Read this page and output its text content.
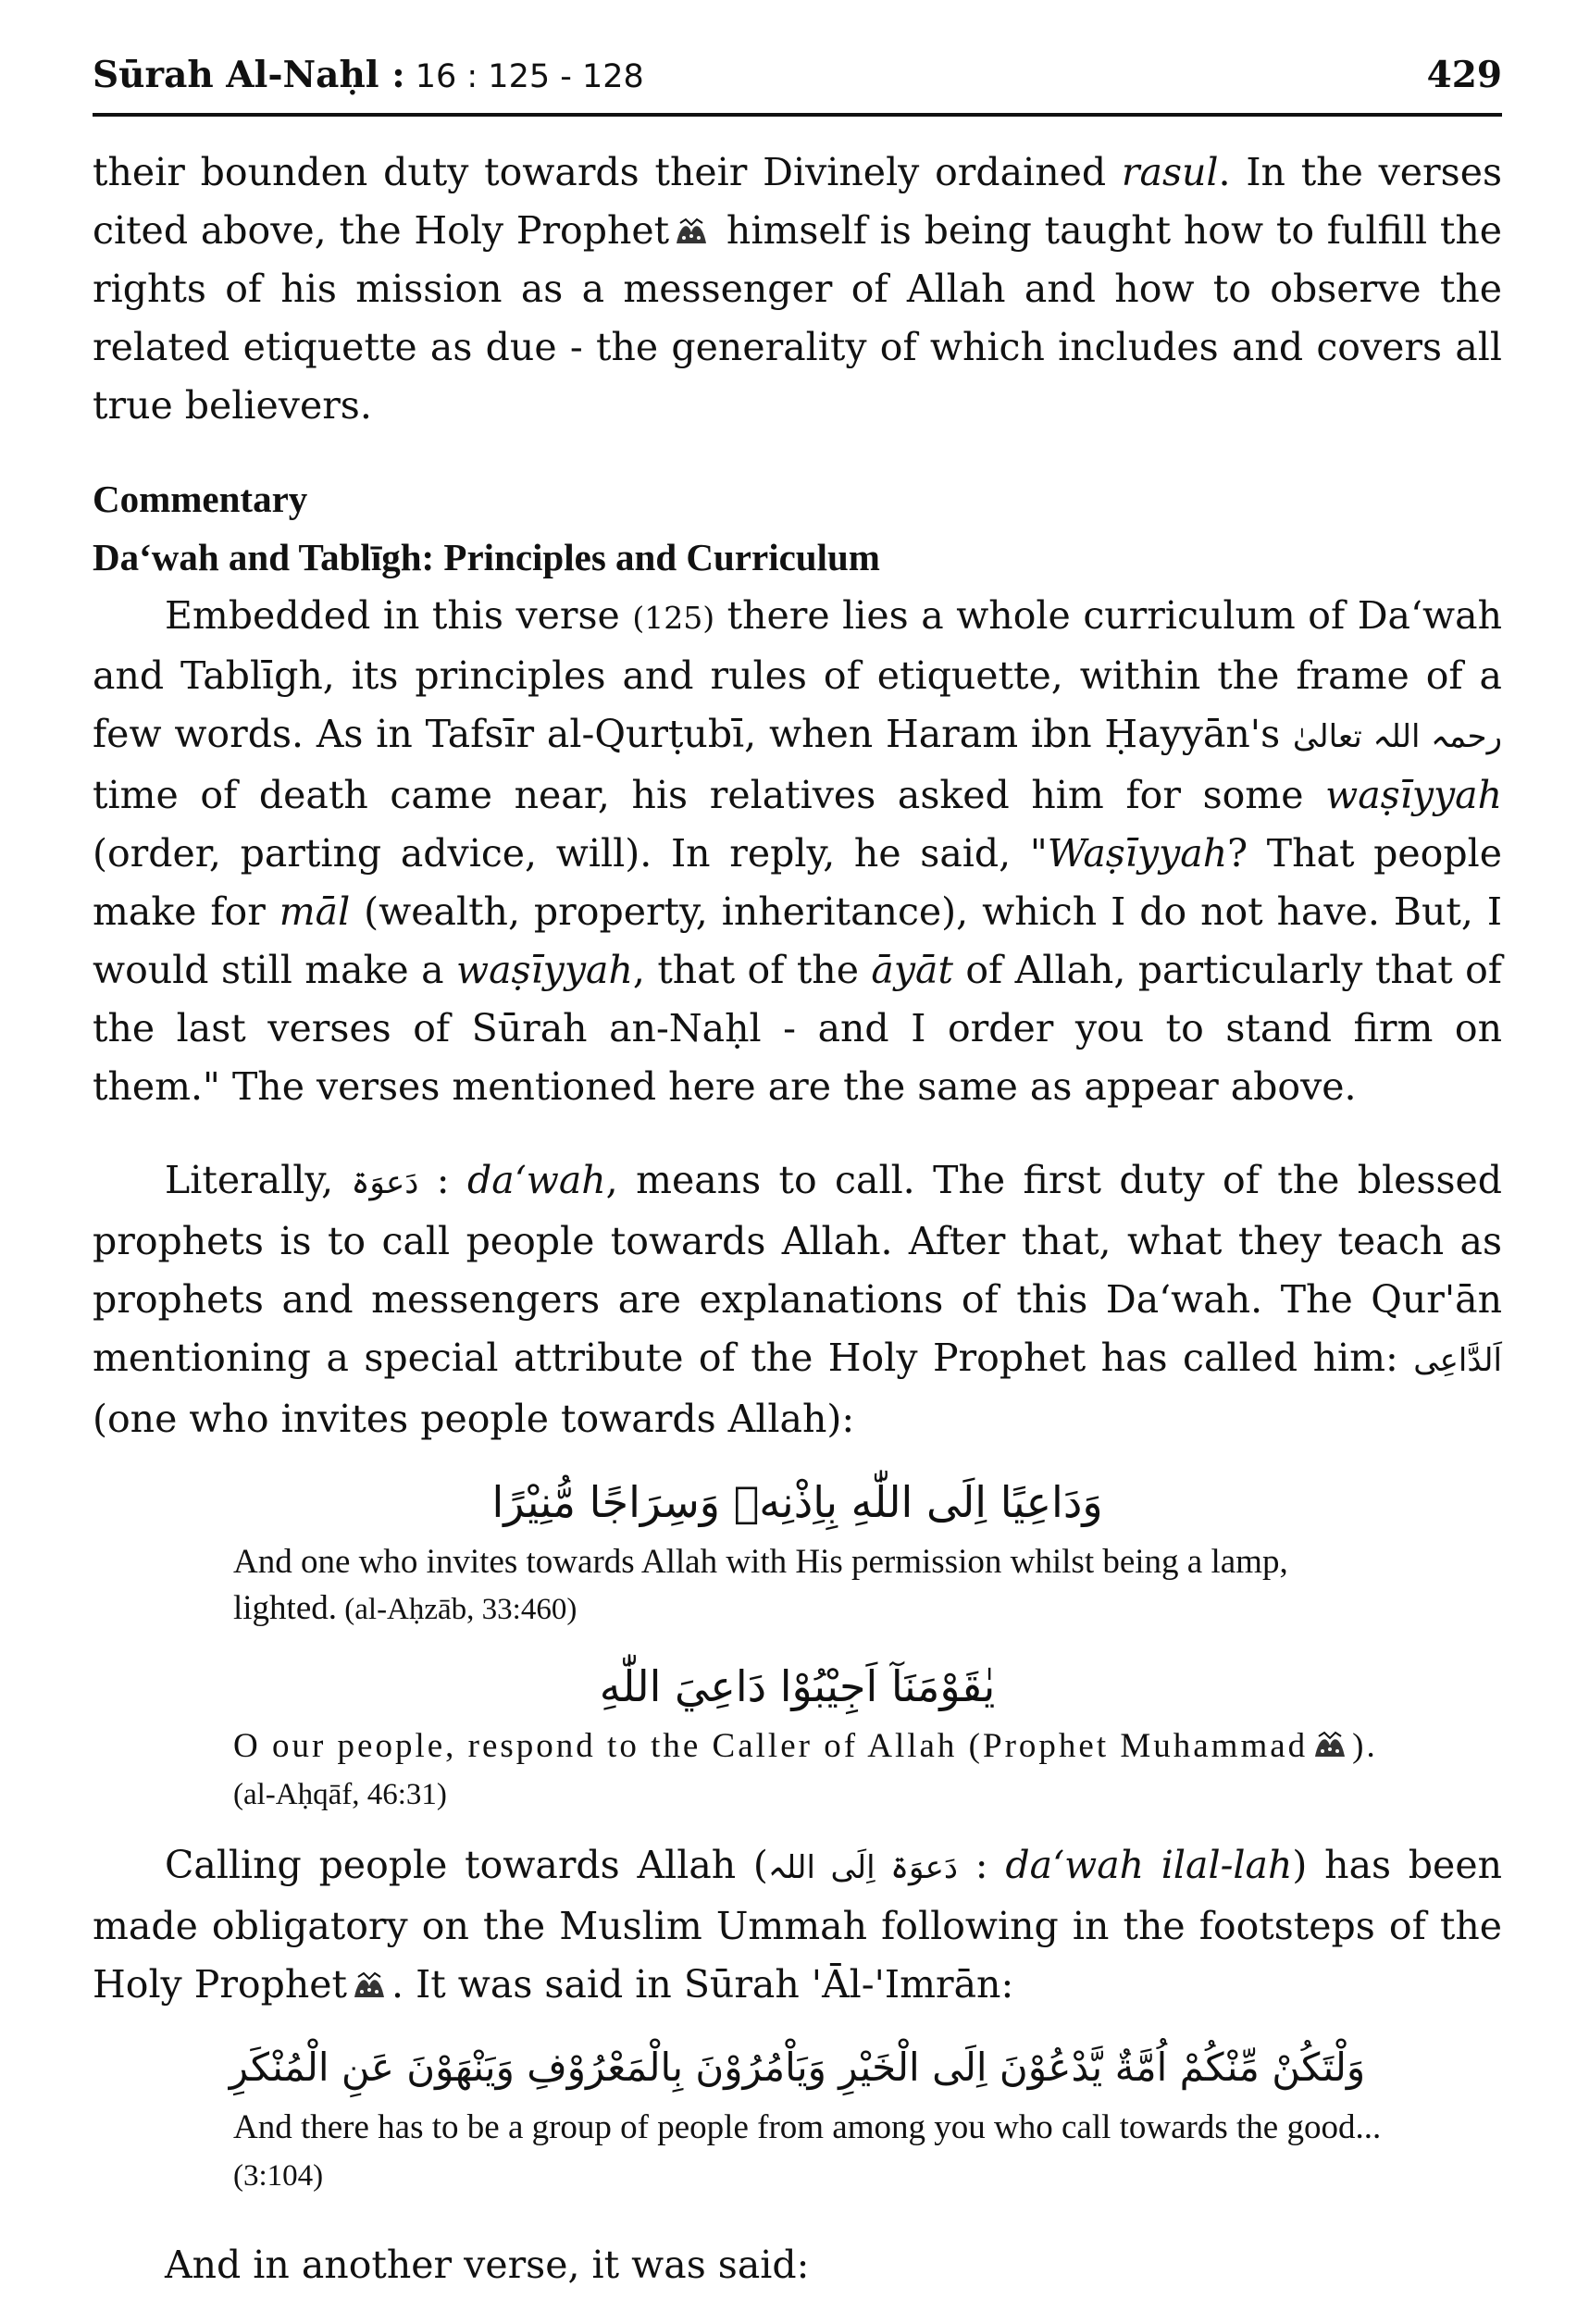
Sūrah Al-Naḥl : 16 : 125 - 128	429

their bounden duty towards their Divinely ordained rasul. In the verses cited above, the Holy Prophet himself is being taught how to fulfill the rights of his mission as a messenger of Allah and how to observe the related etiquette as due - the generality of which includes and covers all true believers.

Commentary
Da‘wah and Tablīgh: Principles and Curriculum

Embedded in this verse (125) there lies a whole curriculum of Da‘wah and Tablīgh, its principles and rules of etiquette, within the frame of a few words. As in Tafsīr al-Qurṭubī, when Haram ibn Ḥayyān's رحمہ اللہ تعالیٰ time of death came near, his relatives asked him for some waṣīyyah (order, parting advice, will). In reply, he said, "Waṣīyyah? That people make for māl (wealth, property, inheritance), which I do not have. But, I would still make a waṣīyyah, that of the āyāt of Allah, particularly that of the last verses of Sūrah an-Naḥl - and I order you to stand firm on them." The verses mentioned here are the same as appear above.

Literally, دَعوَۃ : da‘wah, means to call. The first duty of the blessed prophets is to call people towards Allah. After that, what they teach as prophets and messengers are explanations of this Da‘wah. The Qur'ān mentioning a special attribute of the Holy Prophet has called him: اَلدَّاعِی (one who invites people towards Allah):

وَدَاعِيًا اِلَى اللّٰهِ بِاِذْنِهٖ وَسِرَاجًا مُّنِيْرًا

And one who invites towards Allah with His permission whilst being a lamp, lighted. (al-Aḥzāb, 33:460)

يٰقَوْمَنَآ اَجِيْبُوْا دَاعِيَ اللّٰهِ

O our people, respond to the Caller of Allah (Prophet Muhammad ). (al-Aḥqāf, 46:31)

Calling people towards Allah (دَعوَۃ اِلَی اللہ : da‘wah ilal-lah) has been made obligatory on the Muslim Ummah following in the footsteps of the Holy Prophet . It was said in Sūrah 'Āl-'Imrān:

وَلْتَكُنْ مِّنْكُمْ اُمَّةٌ يَّدْعُوْنَ اِلَى الْخَيْرِ وَيَاْمُرُوْنَ بِالْمَعْرُوْفِ وَيَنْهَوْنَ عَنِ الْمُنْكَرِ

And there has to be a group of people from among you who call towards the good... (3:104)

And in another verse, it was said:
